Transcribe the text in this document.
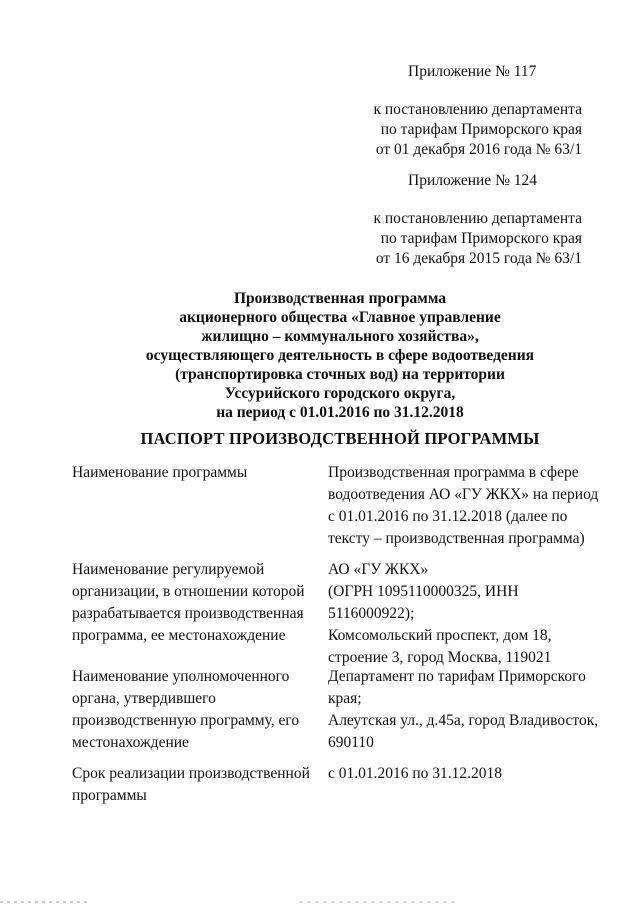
Приложение № 117
к постановлению департамента
по тарифам Приморского края
от 01 декабря 2016 года № 63/1
Приложение № 124
к постановлению департамента
по тарифам Приморского края
от 16 декабря 2015 года № 63/1
Производственная программа
акционерного общества «Главное управление
жилищно – коммунального хозяйства»,
осуществляющего деятельность в сфере водоотведения
(транспортировка сточных вод) на территории
Уссурийского городского округа,
на период с 01.01.2016 по 31.12.2018
ПАСПОРТ ПРОИЗВОДСТВЕННОЙ ПРОГРАММЫ
Наименование программы	Производственная программа в сфере
водоотведения АО «ГУ ЖКХ» на период
с 01.01.2016 по 31.12.2018 (далее по
тексту – производственная программа)
Наименование регулируемой
организации, в отношении которой
разрабатывается производственная
программа, ее местонахождение
АО «ГУ ЖКХ»
(ОГРН 1095110000325, ИНН
5116000922);
Комсомольский проспект, дом 18,
строение 3, город Москва, 119021
Наименование уполномоченного
органа, утвердившего
производственную программу, его
местонахождение
Департамент по тарифам Приморского
края;
Алеутская ул., д.45а, город Владивосток,
690110
Срок реализации производственной
программы
с 01.01.2016 по 31.12.2018
